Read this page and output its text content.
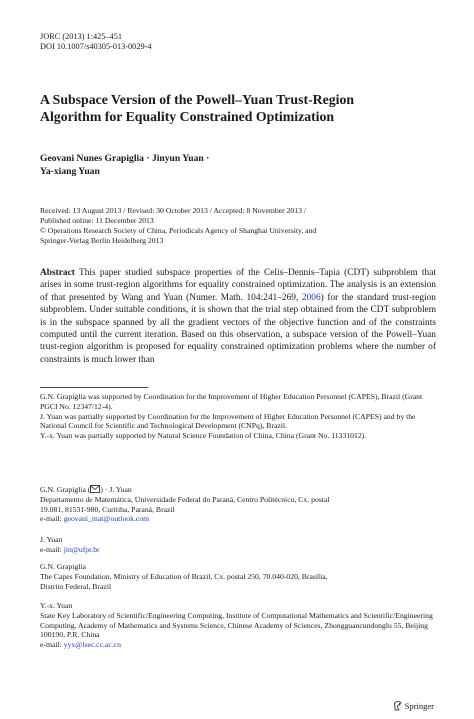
JORC (2013) 1:425–451
DOI 10.1007/s40305-013-0029-4
A Subspace Version of the Powell–Yuan Trust-Region
Algorithm for Equality Constrained Optimization
Geovani Nunes Grapiglia · Jinyun Yuan ·
Ya-xiang Yuan
Received: 13 August 2013 / Revised: 30 October 2013 / Accepted: 8 November 2013 /
Published online: 11 December 2013
© Operations Research Society of China, Periodicals Agency of Shanghai University, and
Springer-Verlag Berlin Heidelberg 2013
Abstract This paper studied subspace properties of the Celis–Dennis–Tapia (CDT) subproblem that arises in some trust-region algorithms for equality constrained optimization. The analysis is an extension of that presented by Wang and Yuan (Numer. Math. 104:241–269, 2006) for the standard trust-region subproblem. Under suitable conditions, it is shown that the trial step obtained from the CDT subproblem is in the subspace spanned by all the gradient vectors of the objective function and of the constraints computed until the current iteration. Based on this observation, a subspace version of the Powell–Yuan trust-region algorithm is proposed for equality constrained optimization problems where the number of constraints is much lower than
G.N. Grapiglia was supported by Coordination for the Improvement of Higher Education Personnel (CAPES), Brazil (Grant PGCI No. 12347/12-4).
J. Yuan was partially supported by Coordination for the Improvement of Higher Education Personnel (CAPES) and by the National Council for Scientific and Technological Development (CNPq), Brazil.
Y.-x. Yuan was partially supported by Natural Science Foundation of China, China (Grant No. 11331012).
G.N. Grapiglia ( ) · J. Yuan
Departamento de Matemática, Universidade Federal do Paraná, Centro Politécnico, Cx. postal
19.081, 81531-980, Curitiba, Paraná, Brazil
e-mail: geovani_mat@outlook.com
J. Yuan
e-mail: jin@ufpr.br
G.N. Grapiglia
The Capes Foundation, Ministry of Education of Brazil, Cx. postal 250, 70.040-020, Brasília,
Distrito Federal, Brazil
Y.-x. Yuan
State Key Laboratory of Scientific/Engineering Computing, Institute of Computational Mathematics and Scientific/Engineering Computing, Academy of Mathematics and Systems Science, Chinese Academy of Sciences, Zhongguancundonglu 55, Beijing 100190, P.R. China
e-mail: yyx@lsec.cc.ac.cn
Springer
